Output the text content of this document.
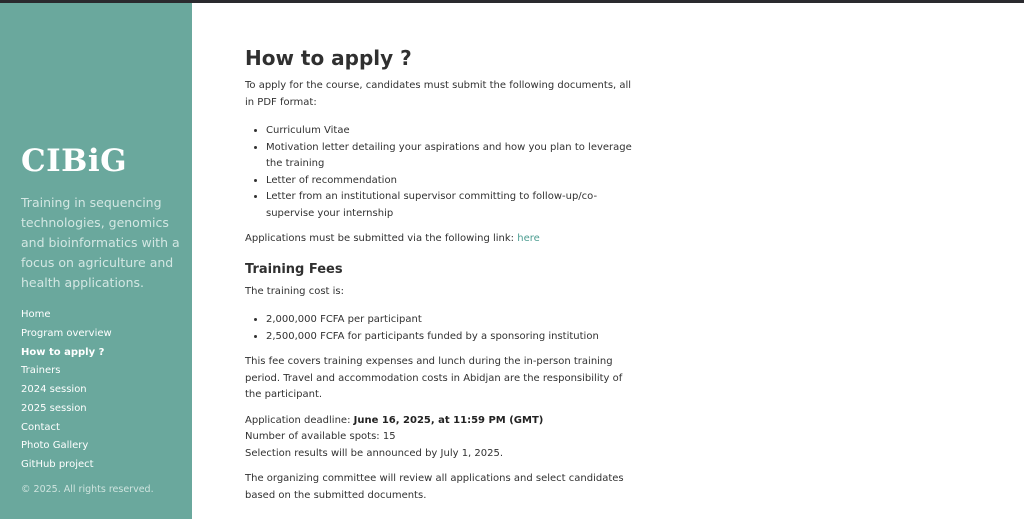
CIBiG

Training in sequencing technologies, genomics and bioinformatics with a focus on agriculture and health applications.

Home
Program overview
How to apply ?
Trainers
2024 session
2025 session
Contact
Photo Gallery
GitHub project

© 2025. All rights reserved.

How to apply ?

To apply for the course, candidates must submit the following documents, all in PDF format:

• Curriculum Vitae
• Motivation letter detailing your aspirations and how you plan to leverage the training
• Letter of recommendation
• Letter from an institutional supervisor committing to follow-up/co-supervise your internship

Applications must be submitted via the following link: here

Training Fees

The training cost is:

• 2,000,000 FCFA per participant
• 2,500,000 FCFA for participants funded by a sponsoring institution

This fee covers training expenses and lunch during the in-person training period. Travel and accommodation costs in Abidjan are the responsibility of the participant.

Application deadline: June 16, 2025, at 11:59 PM (GMT)
Number of available spots: 15
Selection results will be announced by July 1, 2025.

The organizing committee will review all applications and select candidates based on the submitted documents.
